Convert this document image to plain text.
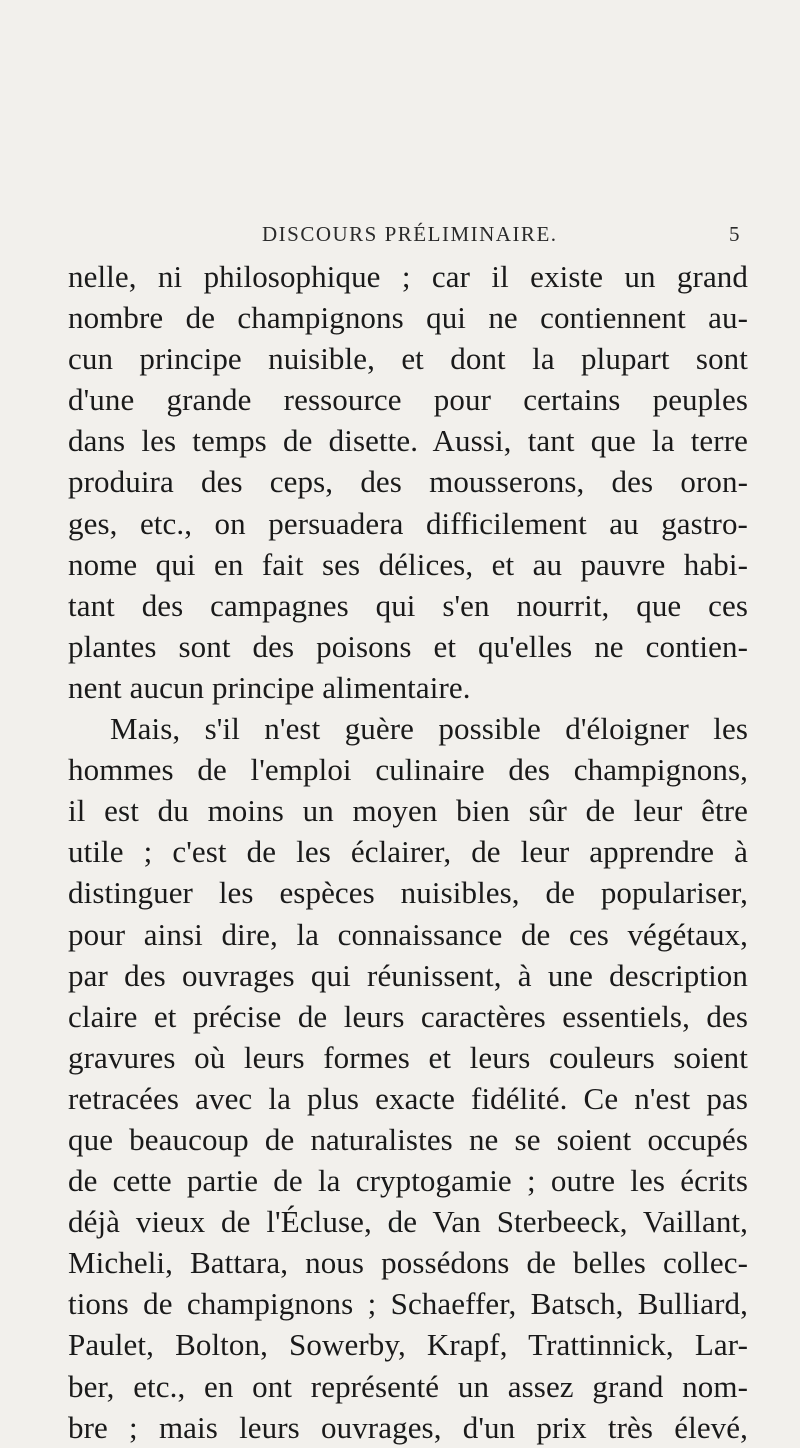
DISCOURS PRÉLIMINAIRE.	5
nelle, ni philosophique ; car il existe un grand
nombre de champignons qui ne contiennent au-
cun principe nuisible, et dont la plupart sont
d'une grande ressource pour certains peuples
dans les temps de disette. Aussi, tant que la terre
produira des ceps, des mousserons, des oron-
ges, etc., on persuadera difficilement au gastro-
nome qui en fait ses délices, et au pauvre habi-
tant des campagnes qui s'en nourrit, que ces
plantes sont des poisons et qu'elles ne contien-
nent aucun principe alimentaire.
Mais, s'il n'est guère possible d'éloigner les
hommes de l'emploi culinaire des champignons,
il est du moins un moyen bien sûr de leur être
utile ; c'est de les éclairer, de leur apprendre à
distinguer les espèces nuisibles, de populariser,
pour ainsi dire, la connaissance de ces végétaux,
par des ouvrages qui réunissent, à une description
claire et précise de leurs caractères essentiels, des
gravures où leurs formes et leurs couleurs soient
retracées avec la plus exacte fidélité. Ce n'est pas
que beaucoup de naturalistes ne se soient occupés
de cette partie de la cryptogamie ; outre les écrits
déjà vieux de l'Écluse, de Van Sterbeeck, Vaillant,
Micheli, Battara, nous possédons de belles collec-
tions de champignons ; Schaeffer, Batsch, Bulliard,
Paulet, Bolton, Sowerby, Krapf, Trattinnick, Lar-
ber, etc., en ont représenté un assez grand nom-
bre ; mais leurs ouvrages, d'un prix très élevé,
